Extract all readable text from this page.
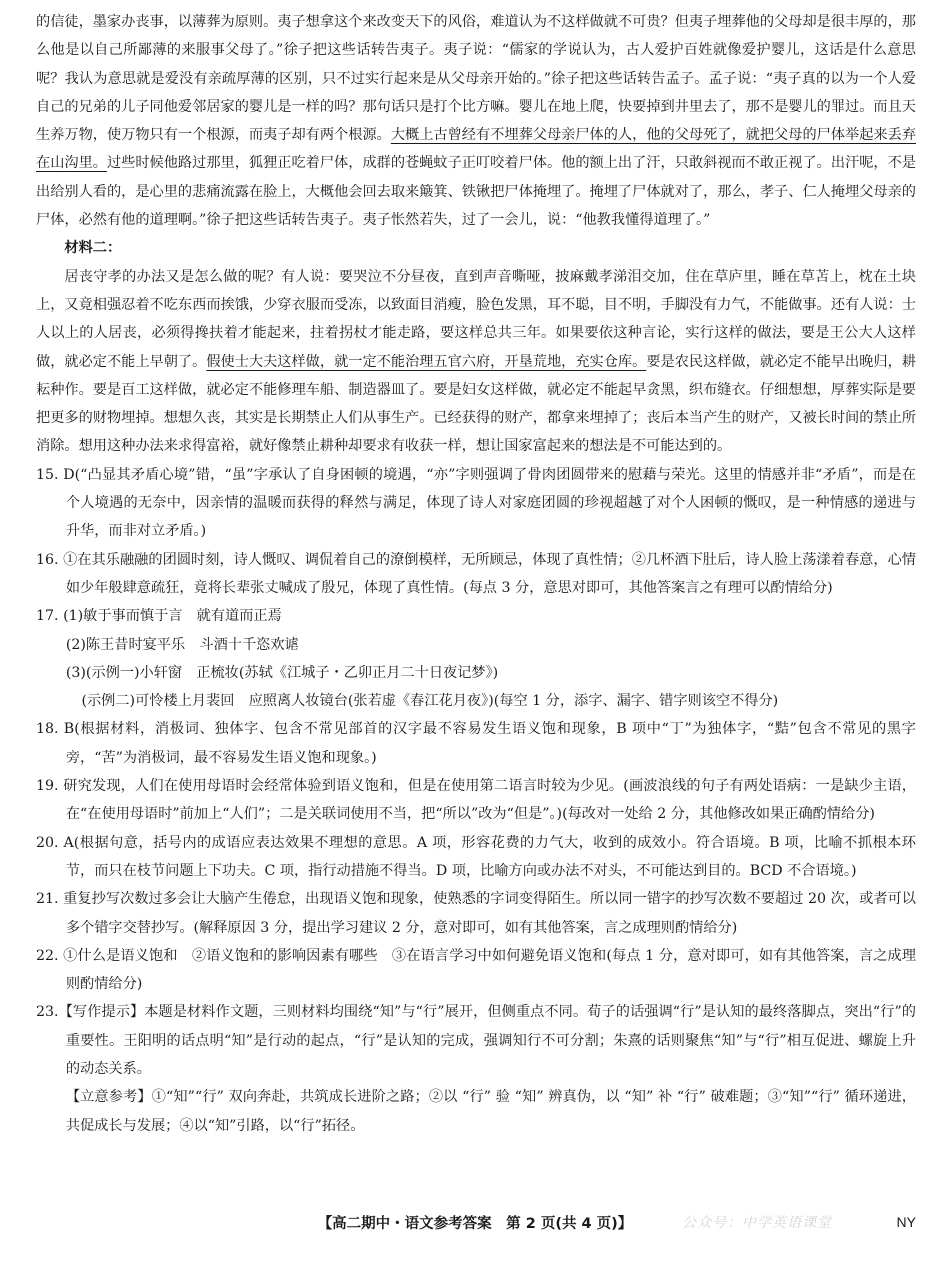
的信徒，墨家办丧事，以薄葬为原则。夷子想拿这个来改变天下的风俗，难道认为不这样做就不可贵？但夷子埋葬他的父母却是很丰厚的，那么他是以自己所鄙薄的来服事父母了。”徐子把这些话转告夷子。夷子说：“儒家的学说认为，古人爱护百姓就像爱护婴儿，这话是什么意思呢？我认为意思就是爱没有亲疏厚薄的区别，只不过实行起来是从父母亲开始的。”徐子把这些话转告孟子。孟子说：“夷子真的以为一个人爱自己的兄弟的儿子同他爱邻居家的婴儿是一样的吗？那句话只是打个比方嘛。婴儿在地上爬，快要掉到井里去了，那不是婴儿的罪过。而且天生养万物，使万物只有一个根源，而夷子却有两个根源。大概上古曾经有不埋葬父母亲尸体的人，他的父母死了，就把父母的尸体举起来丢弃在山沟里。过些时候他路过那里，狐狸正吃着尸体，成群的苍蝇蚊子正叮咬着尸体。他的额上出了汗，只敢斜视而不敢正视了。出汗呢，不是出给别人看的，是心里的悲痛流露在脸上，大概他会回去取来簸箕、铁锹把尸体掩埋了。掩埋了尸体就对了，那么，孝子、仁人掩埋父母亲的尸体，必然有他的道理啊。”徐子把这些话转告夷子。夷子怅然若失，过了一会儿，说：“他教我懂得道理了。”

材料二：

居丧守孝的办法又是怎么做的呢？有人说：要哭泣不分昼夜，直到声音嘶哑，披麻戴孝涕泪交加，住在草庐里，睡在草苫上，枕在土块上，又竟相强忍着不吃东西而挨饿，少穿衣服而受冻，以致面目消瘦，脸色发黑，耳不聪，目不明，手脚没有力气，不能做事。还有人说：士人以上的人居丧，必须得搀扶着才能起来，拄着拐杖才能走路，要这样总共三年。如果要依这种言论，实行这样的做法，要是王公大人这样做，就必定不能上早朝了。假使士大夫这样做，就一定不能治理五官六府，开垦荒地，充实仓库。要是农民这样做，就必定不能早出晚归，耕耘种作。要是百工这样做，就必定不能修理车船、制造器皿了。要是妇女这样做，就必定不能起早贪黑，织布缝衣。仔细想想，厚葬实际是要把更多的财物埋掉。想想久丧，其实是长期禁止人们从事生产。已经获得的财产，都拿来埋掉了；丧后本当产生的财产，又被长时间的禁止所消除。想用这种办法来求得富裕，就好像禁止耕种却要求有收获一样，想让国家富起来的想法是不可能达到的。

15. D(“凸显其矛盾心境”错，“虽”字承认了自身困顿的境遇，“亦”字则强调了骨肉团圆带来的慰藉与荣光。这里的情感并非“矛盾”，而是在个人境遇的无奈中，因亲情的温暖而获得的释然与满足，体现了诗人对家庭团圆的珍视超越了对个人困顿的慨叹，是一种情感的递进与升华，而非对立矛盾。)

16. ①在其乐融融的团圆时刻，诗人慨叹、调侃着自己的潦倒模样，无所顾忌，体现了真性情；②几杯酒下肚后，诗人脸上荡漾着春意，心情如少年般肆意疏狂，竟将长辈张丈喊成了殷兄，体现了真性情。(每点 3 分，意思对即可，其他答案言之有理可以酌情给分)

17. (1)敏于事而慎于言　就有道而正焉

(2)陈王昔时宴平乐　斗酒十千恣欢谑

(3)(示例一)小轩窗　正梳妆(苏轼《江城子・乙卯正月二十日夜记梦》)

(示例二)可怜楼上月裴回　应照离人妆镜台(张若虚《春江花月夜》)(每空 1 分，添字、漏字、错字则该空不得分)

18. B(根据材料，消极词、独体字、包含不常见部首的汉字最不容易发生语义饱和现象，B 项中“丁”为独体字，“黠”包含不常见的黑字旁，“苦”为消极词，最不容易发生语义饱和现象。)

19. 研究发现，人们在使用母语时会经常体验到语义饱和，但是在使用第二语言时较为少见。(画波浪线的句子有两处语病：一是缺少主语，在“在使用母语时”前加上“人们”；二是关联词使用不当，把“所以”改为“但是”。)(每改对一处给 2 分，其他修改如果正确酌情给分)

20. A(根据句意，括号内的成语应表达效果不理想的意思。A 项，形容花费的力气大，收到的成效小。符合语境。B 项，比喻不抓根本环节，而只在枝节问题上下功夫。C 项，指行动措施不得当。D 项，比喻方向或办法不对头，不可能达到目的。BCD 不合语境。)

21. 重复抄写次数过多会让大脑产生倦怠，出现语义饱和现象，使熟悉的字词变得陌生。所以同一错字的抄写次数不要超过 20 次，或者可以多个错字交替抄写。(解释原因 3 分，提出学习建议 2 分，意对即可，如有其他答案，言之成理则酌情给分)

22. ①什么是语义饱和　②语义饱和的影响因素有哪些　③在语言学习中如何避免语义饱和(每点 1 分，意对即可，如有其他答案，言之成理则酌情给分)

23.【写作提示】本题是材料作文题，三则材料均围绕“知”与“行”展开，但侧重点不同。荀子的话强调“行”是认知的最终落脚点，突出“行”的重要性。王阳明的话点明“知”是行动的起点，“行”是认知的完成，强调知行不可分割；朱熹的话则聚焦“知”与“行”相互促进、螺旋上升的动态关系。

【立意参考】①“知”“行” 双向奔赴，共筑成长进阶之路；②以 “行” 验 “知” 辨真伪，以 “知” 补 “行” 破难题；③“知”“行” 循环递进，共促成长与发展；④以“知”引路，以“行”拓径。

公众号：中学英语课堂
【高二期中・语文参考答案　第 2 页(共 4 页)】	NY
